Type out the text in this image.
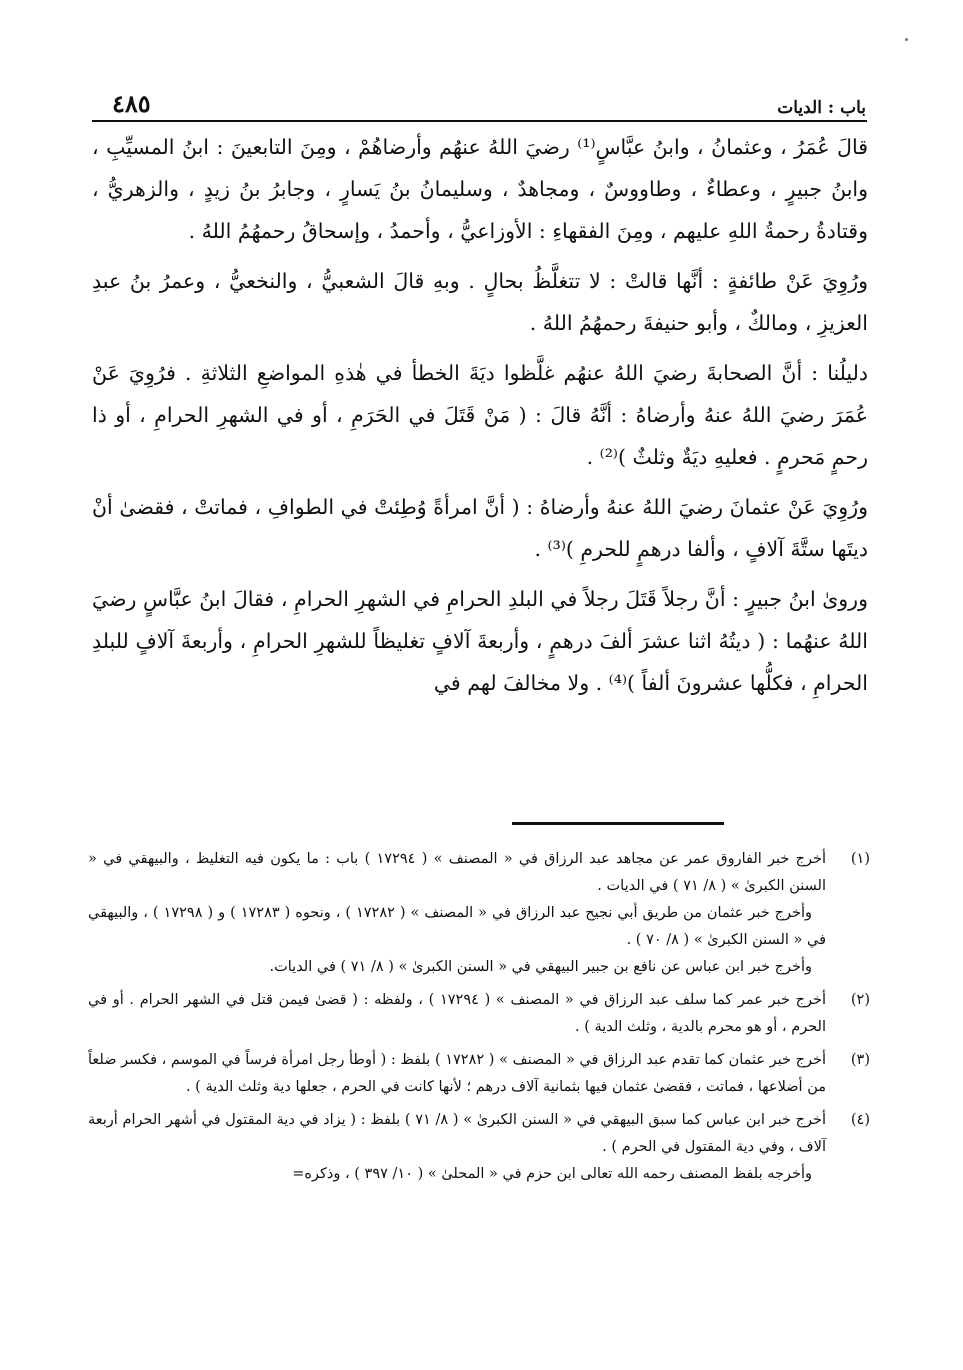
باب : الديات
٤٨٥

قالَ عُمَرُ ، وعثمانُ ، وابنُ عبَّاسٍ⁽¹⁾ رضيَ اللهُ عنهُم وأرضاهُمْ ، ومِنَ التابعينَ : ابنُ المسيِّبِ ، وابنُ جبيرٍ ، وعطاءٌ ، وطاووسٌ ، ومجاهدٌ ، وسليمانُ بنُ يَسارٍ ، وجابرُ بنُ زيدٍ ، والزهريُّ ، وقتادةُ رحمةُ اللهِ عليهم ، ومِنَ الفقهاءِ : الأوزاعيُّ ، وأحمدُ ، وإسحاقُ رحمهُمُ اللهُ .

ورُوِيَ عَنْ طائفةٍ : أنَّها قالتْ : لا تتغلَّظُ بحالٍ . وبهِ قالَ الشعبيُّ ، والنخعيُّ ، وعمرُ بنُ عبدِ العزيزِ ، ومالكٌ ، وأبو حنيفةَ رحمهُمُ اللهُ .

دليلُنا : أنَّ الصحابةَ رضيَ اللهُ عنهُم غلَّظوا ديَةَ الخطأ في هٰذهِ المواضعِ الثلاثةِ . فرُوِيَ عَنْ عُمَرَ رضيَ اللهُ عنهُ وأرضاهُ : أنَّهُ قالَ : ( مَنْ قَتَلَ في الحَرَمِ ، أو في الشهرِ الحرامِ ، أو ذا رحمٍ مَحرمٍ . فعليهِ ديَةٌ وثلثٌ )⁽²⁾ .

ورُوِيَ عَنْ عثمانَ رضيَ اللهُ عنهُ وأرضاهُ : ( أنَّ امرأةً وُطِئتْ في الطوافِ ، فماتتْ ، فقضىٰ أنْ ديتَها ستَّةَ آلافٍ ، وألفا درهمٍ للحرمِ )⁽³⁾ .

وروىٰ ابنُ جبيرٍ : أنَّ رجلاً قَتَلَ رجلاً في البلدِ الحرامِ في الشهرِ الحرامِ ، فقالَ ابنُ عبَّاسٍ رضيَ اللهُ عنهُما : ( ديتُهُ اثنا عشرَ ألفَ درهمٍ ، وأربعةَ آلافٍ تغليظاً للشهرِ الحرامِ ، وأربعةَ آلافٍ للبلدِ الحرامِ ، فكلُّها عشرونَ ألفاً )⁽⁴⁾ . ولا مخالفَ لهم في

(١)

أخرج خبر الفاروق عمر عن مجاهد عبد الرزاق في « المصنف » ( ١٧٢٩٤ ) باب : ما يكون فيه التغليظ ، والبيهقي في « السنن الكبرىٰ » ( ٨/ ٧١ ) في الديات .

وأخرج خبر عثمان من طريق أبي نجيح عبد الرزاق في « المصنف » ( ١٧٢٨٢ ) ، ونحوه ( ١٧٢٨٣ ) و ( ١٧٢٩٨ ) ، والبيهقي في « السنن الكبرىٰ » ( ٨/ ٧٠ ) .

وأخرج خبر ابن عباس عن نافع بن جبير البيهقي في « السنن الكبرىٰ » ( ٨/ ٧١ ) في الديات.

(٢)

أخرج خبر عمر كما سلف عبد الرزاق في « المصنف » ( ١٧٢٩٤ ) ، ولفظه : ( قضىٰ فيمن قتل في الشهر الحرام . أو في الحرم ، أو هو محرم بالدية ، وثلث الدية ) .

(٣)

أخرج خبر عثمان كما تقدم عبد الرزاق في « المصنف » ( ١٧٢٨٢ ) بلفظ : ( أوطأ رجل امرأة فرساً في الموسم ، فكسر ضلعاً من أضلاعها ، فماتت ، فقضىٰ عثمان فيها بثمانية آلاف درهم ؛ لأنها كانت في الحرم ، جعلها دية وثلث الدية ) .

(٤)

أخرج خبر ابن عباس كما سبق البيهقي في « السنن الكبرىٰ » ( ٨/ ٧١ ) بلفظ : ( يزاد في دية المقتول في أشهر الحرام أربعة آلاف ، وفي دية المقتول في الحرم ) .

وأخرجه بلفظ المصنف رحمه الله تعالى ابن حزم في « المحلىٰ » ( ١٠/ ٣٩٧ ) ، وذكره=
